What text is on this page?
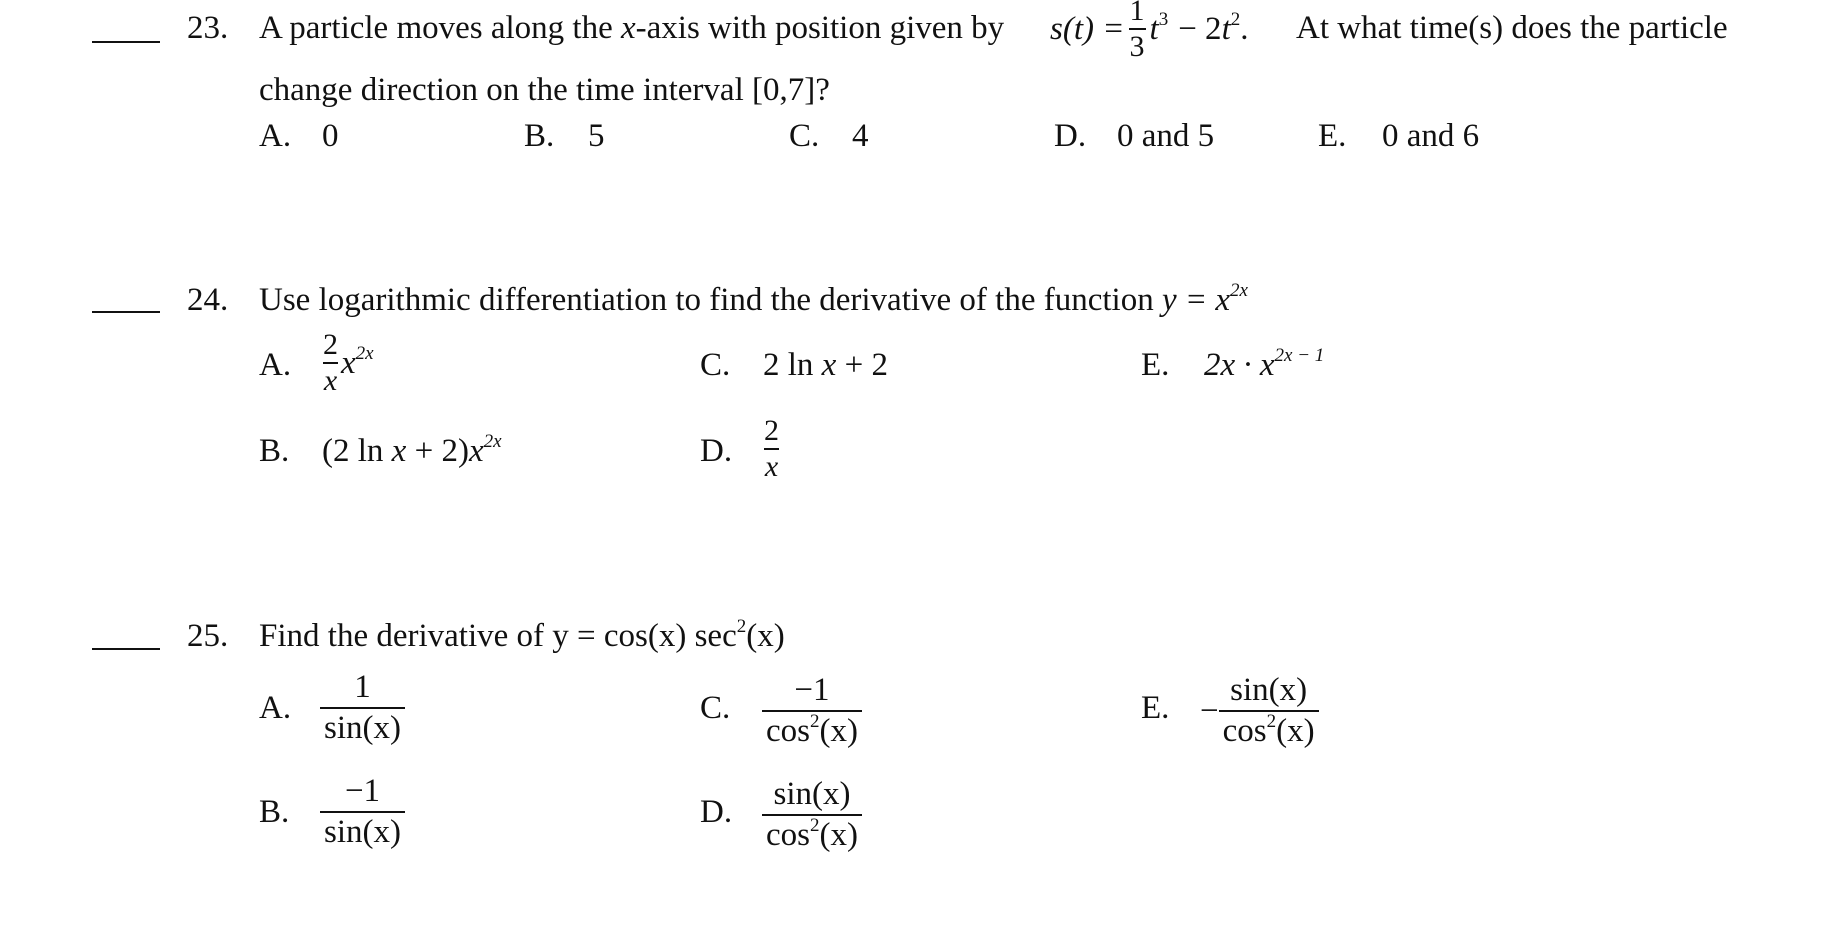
23. A particle moves along the x-axis with position given by $s(t) = \frac{1}{3} t^3 - 2$ $t^2$ . At what time(s) does the particle
change direction on the time interval [0,7]?
A. 0	B. 5	C. 4	D. 0 and 5	E. 0 and 6
24. Use logarithmic differentiation to find the derivative of the function $y = x^{2x}$
A. $\frac{2}{x} x^{2x}$
B. (2 $\ln x + 2)x^{2x}$
C. 2 ln x + 2
D. $\frac{2}{x}$
E. $2x \cdot x^{2x - 1}$
25. Find the derivative of y = cos(x) $\sec^2(x)$
A. $\frac{1}{\sin(x)}$
B. $\frac{-1}{\sin(x)}$
C. $\frac{-1}{\cos^2(x)}$
D. $\frac{\sin(x)}{\cos^2(x)}$
E. − $\frac{\sin(x)}{\cos^2(x)}$
